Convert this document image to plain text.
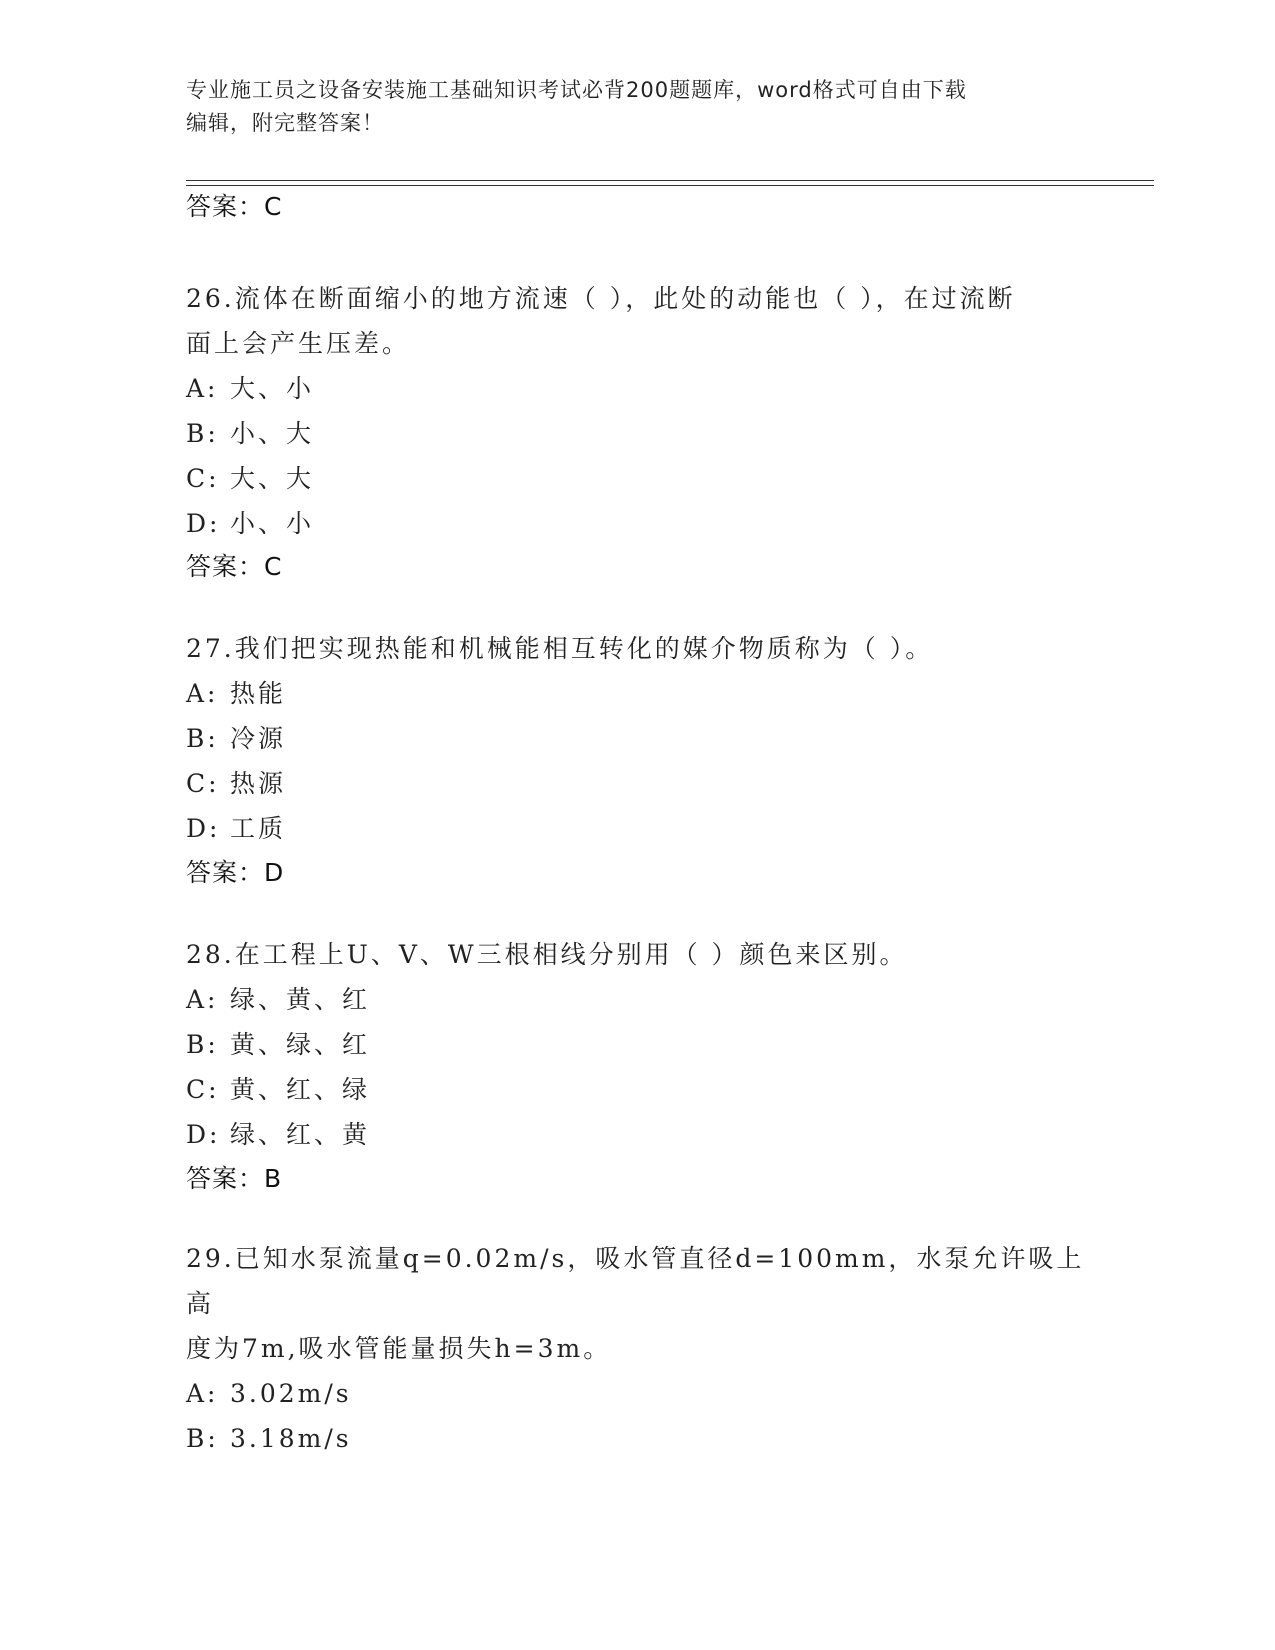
专业施工员之设备安装施工基础知识考试必背200题题库，word格式可自由下载
编辑，附完整答案！

答案：C

26.流体在断面缩小的地方流速（ ），此处的动能也（ ），在过流断

面上会产生压差。

A: 大、小

B: 小、大

C: 大、大

D: 小、小

答案：C

27.我们把实现热能和机械能相互转化的媒介物质称为（ ）。

A: 热能

B: 冷源

C: 热源

D: 工质

答案：D

28.在工程上U、V、W三根相线分别用（ ）颜色来区别。

A: 绿、黄、红

B: 黄、绿、红

C: 黄、红、绿

D: 绿、红、黄

答案：B

29.已知水泵流量q=0.02m/s，吸水管直径d=100mm，水泵允许吸上高

度为7m,吸水管能量损失h=3m。

A: 3.02m/s

B: 3.18m/s
